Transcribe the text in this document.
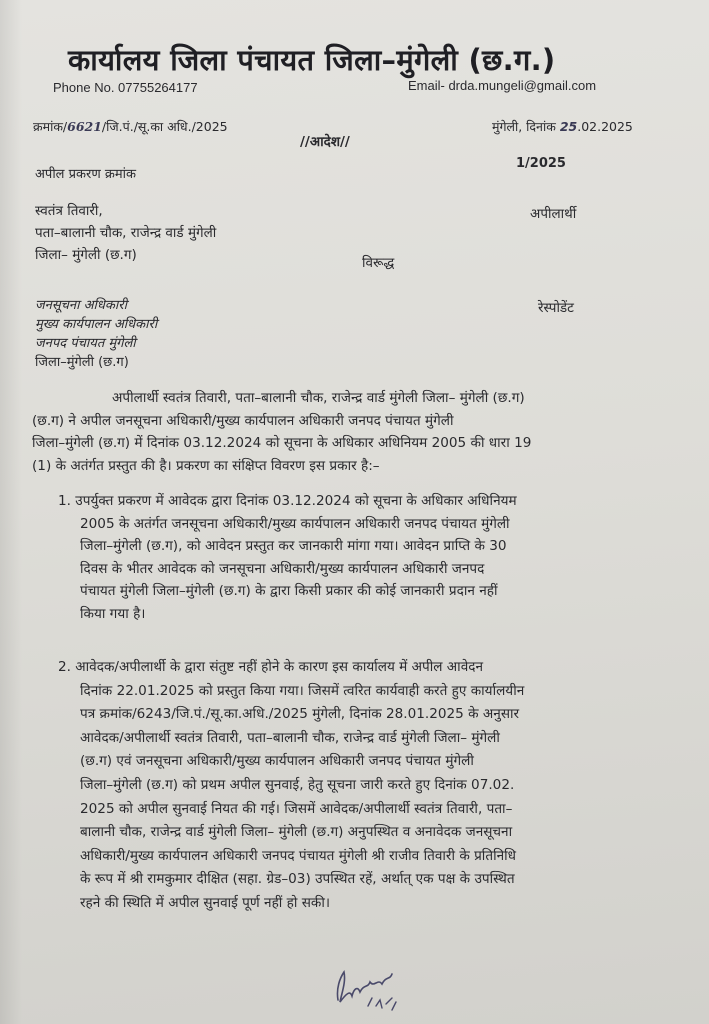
कार्यालय जिला पंचायत जिला–मुंगेली (छ.ग.)
Phone No. 07755264177	Email- drda.mungeli@gmail.com
क्रमांक/6621/जि.पं./सू.का अधि./2025	मुंगेली, दिनांक 25.02.2025
//आदेश//
अपील प्रकरण क्रमांक
1/2025
स्वतंत्र तिवारी,
पता–बालानी चौक, राजेन्द्र वार्ड मुंगेली
जिला– मुंगेली (छ.ग)
अपीलार्थी
विरूद्ध
जनसूचना अधिकारी
मुख्य कार्यपालन अधिकारी
जनपद पंचायत मुंगेली
जिला–मुंगेली (छ.ग)
रेस्पोडेंट
अपीलार्थी स्वतंत्र तिवारी, पता–बालानी चौक, राजेन्द्र वार्ड मुंगेली जिला– मुंगेली (छ.ग)
(छ.ग) ने अपील जनसूचना अधिकारी/मुख्य कार्यपालन अधिकारी जनपद पंचायत मुंगेली
जिला–मुंगेली (छ.ग) में दिनांक 03.12.2024 को सूचना के अधिकार अधिनियम 2005 की धारा 19
(1) के अतंर्गत प्रस्तुत की है। प्रकरण का संक्षिप्त विवरण इस प्रकार है:–
1. उपर्युक्त प्रकरण में आवेदक द्वारा दिनांक 03.12.2024 को सूचना के अधिकार अधिनियम
2005 के अतंर्गत जनसूचना अधिकारी/मुख्य कार्यपालन अधिकारी जनपद पंचायत मुंगेली
जिला–मुंगेली (छ.ग), को आवेदन प्रस्तुत कर जानकारी मांगा गया। आवेदन प्राप्ति के 30
दिवस के भीतर आवेदक को जनसूचना अधिकारी/मुख्य कार्यपालन अधिकारी जनपद
पंचायत मुंगेली जिला–मुंगेली (छ.ग) के द्वारा किसी प्रकार की कोई जानकारी प्रदान नहीं
किया गया है।
2. आवेदक/अपीलार्थी के द्वारा संतुष्ट नहीं होने के कारण इस कार्यालय में अपील आवेदन
दिनांक 22.01.2025 को प्रस्तुत किया गया। जिसमें त्वरित कार्यवाही करते हुए कार्यालयीन
पत्र क्रमांक/6243/जि.पं./सू.का.अधि./2025 मुंगेली, दिनांक 28.01.2025 के अनुसार
आवेदक/अपीलार्थी स्वतंत्र तिवारी, पता–बालानी चौक, राजेन्द्र वार्ड मुंगेली जिला– मुंगेली
(छ.ग) एवं जनसूचना अधिकारी/मुख्य कार्यपालन अधिकारी जनपद पंचायत मुंगेली
जिला–मुंगेली (छ.ग) को प्रथम अपील सुनवाई, हेतु सूचना जारी करते हुए दिनांक 07.02.
2025 को अपील सुनवाई नियत की गई। जिसमें आवेदक/अपीलार्थी स्वतंत्र तिवारी, पता–
बालानी चौक, राजेन्द्र वार्ड मुंगेली जिला– मुंगेली (छ.ग) अनुपस्थित व अनावेदक जनसूचना
अधिकारी/मुख्य कार्यपालन अधिकारी जनपद पंचायत मुंगेली श्री राजीव तिवारी के प्रतिनिधि
के रूप में श्री रामकुमार दीक्षित (सहा. ग्रेड–03) उपस्थित रहें, अर्थात् एक पक्ष के उपस्थित
रहने की स्थिति में अपील सुनवाई पूर्ण नहीं हो सकी।
